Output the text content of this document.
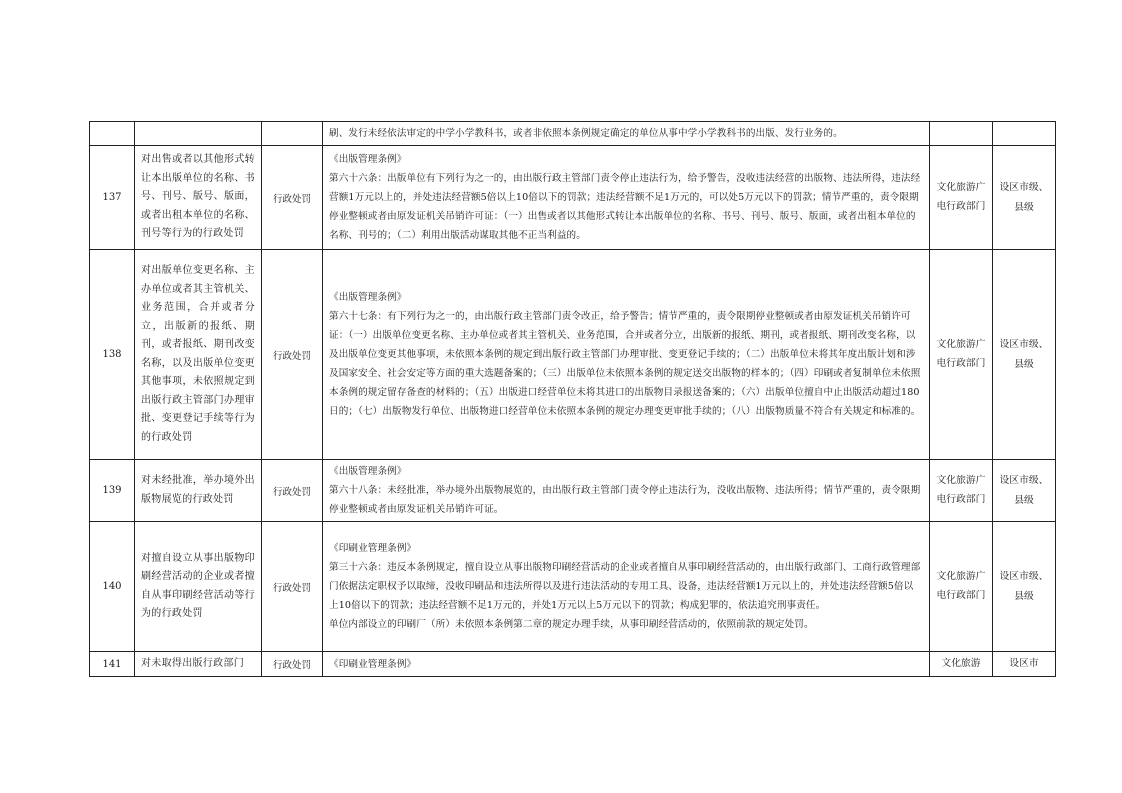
			刷、发行未经依法审定的中学小学教科书，或者非依照本条例规定确定的单位从事中学小学教科书的出版、发行业务的。		

137	对出售或者以其他形式转让本出版单位的名称、书号、刊号、版号、版面，或者出租本单位的名称、刊号等行为的行政处罚	行政处罚	《出版管理条例》

第六十六条：出版单位有下列行为之一的，由出版行政主管部门责令停止违法行为，给予警告，没收违法经营的出版物、违法所得，违法经营额1万元以上的，并处违法经营额5倍以上10倍以下的罚款；违法经营额不足1万元的，可以处5万元以下的罚款；情节严重的，责令限期停业整顿或者由原发证机关吊销许可证：（一）出售或者以其他形式转让本出版单位的名称、书号、刊号、版号、版面，或者出租本单位的名称、刊号的；（二）利用出版活动谋取其他不正当利益的。	文化旅游广电行政部门	设区市级、县级
138	对出版单位变更名称、主办单位或者其主管机关、业务范围，合并或者分立，出版新的报纸、期刊，或者报纸、期刊改变名称，以及出版单位变更其他事项，未依照规定到出版行政主管部门办理审批、变更登记手续等行为的行政处罚	行政处罚	《出版管理条例》

第六十七条：有下列行为之一的，由出版行政主管部门责令改正，给予警告；情节严重的，责令限期停业整顿或者由原发证机关吊销许可证：（一）出版单位变更名称、主办单位或者其主管机关、业务范围，合并或者分立，出版新的报纸、期刊，或者报纸、期刊改变名称，以及出版单位变更其他事项，未依照本条例的规定到出版行政主管部门办理审批、变更登记手续的；（二）出版单位未将其年度出版计划和涉及国家安全、社会安定等方面的重大选题备案的；（三）出版单位未依照本条例的规定送交出版物的样本的；（四）印刷或者复制单位未依照本条例的规定留存备查的材料的；（五）出版进口经营单位未将其进口的出版物目录报送备案的；（六）出版单位擅自中止出版活动超过180日的；（七）出版物发行单位、出版物进口经营单位未依照本条例的规定办理变更审批手续的；（八）出版物质量不符合有关规定和标准的。	文化旅游广电行政部门	设区市级、县级
139	对未经批准，举办境外出版物展览的行政处罚	行政处罚	《出版管理条例》

第六十八条：未经批准，举办境外出版物展览的，由出版行政主管部门责令停止违法行为，没收出版物、违法所得；情节严重的，责令限期停业整顿或者由原发证机关吊销许可证。	文化旅游广电行政部门	设区市级、县级
140	对擅自设立从事出版物印刷经营活动的企业或者擅自从事印刷经营活动等行为的行政处罚	行政处罚	《印刷业管理条例》

第三十六条：违反本条例规定，擅自设立从事出版物印刷经营活动的企业或者擅自从事印刷经营活动的，由出版行政部门、工商行政管理部门依据法定职权予以取缔，没收印刷品和违法所得以及进行违法活动的专用工具、设备，违法经营额1万元以上的，并处违法经营额5倍以上10倍以下的罚款；违法经营额不足1万元的，并处1万元以上5万元以下的罚款；构成犯罪的，依法追究刑事责任。

单位内部设立的印刷厂（所）未依照本条例第二章的规定办理手续，从事印刷经营活动的，依照前款的规定处罚。	文化旅游广电行政部门	设区市级、县级
141	对未取得出版行政部门	行政处罚	《印刷业管理条例》	文化旅游	设区市
